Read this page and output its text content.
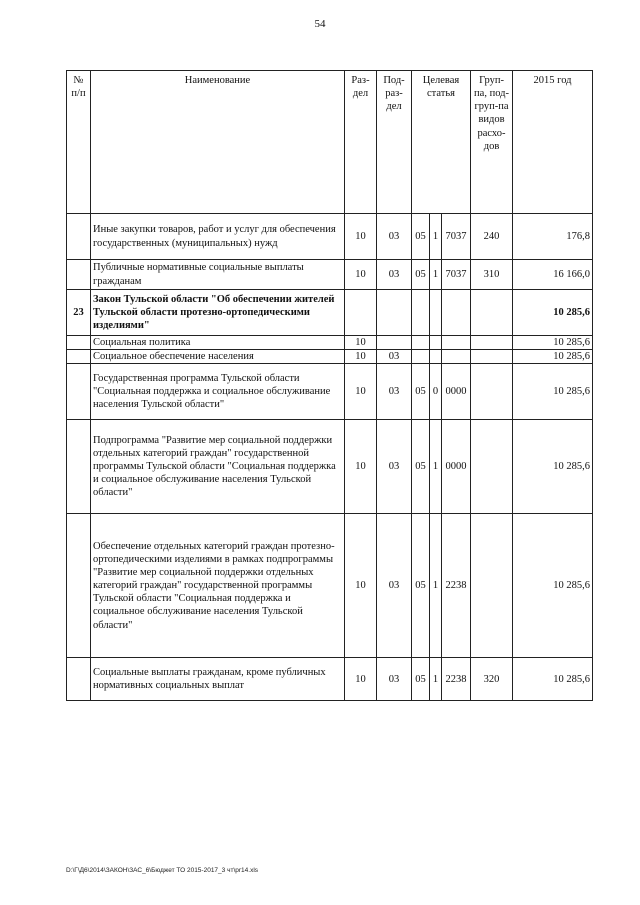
54
№ п/п	Наименование	Раз-дел	Под-раз-дел	Целевая статья			Груп-па, под-груп-па видов расхо-дов	2015 год
	Иные закупки товаров, работ и услуг для обеспечения государственных (муниципальных) нужд	10	03	05	1	7037	240	176,8
	Публичные нормативные социальные выплаты гражданам	10	03	05	1	7037	310	16 166,0
23	Закон Тульской области "Об обеспечении жителей Тульской области протезно-ортопедическими изделиями"							10 285,6
	Социальная политика	10						10 285,6
	Социальное обеспечение населения	10	03					10 285,6
	Государственная программа Тульской области "Социальная поддержка и социальное обслуживание населения Тульской области"	10	03	05	0	0000		10 285,6
	Подпрограмма "Развитие мер социальной поддержки отдельных категорий граждан" государственной программы Тульской области "Социальная поддержка и социальное обслуживание населения Тульской области"	10	03	05	1	0000		10 285,6
	Обеспечение отдельных категорий граждан протезно-ортопедическими изделиями в рамках подпрограммы "Развитие мер социальной поддержки отдельных категорий граждан" государственной программы Тульской области "Социальная поддержка и социальное обслуживание населения Тульской области"	10	03	05	1	2238		10 285,6
	Социальные выплаты гражданам, кроме публичных нормативных социальных выплат	10	03	05	1	2238	320	10 285,6
D:\Г\Д6\2014\ЗАКОН\ЗАС_6\Бюджет ТО 2015-2017_3 чт\pr14.xls
